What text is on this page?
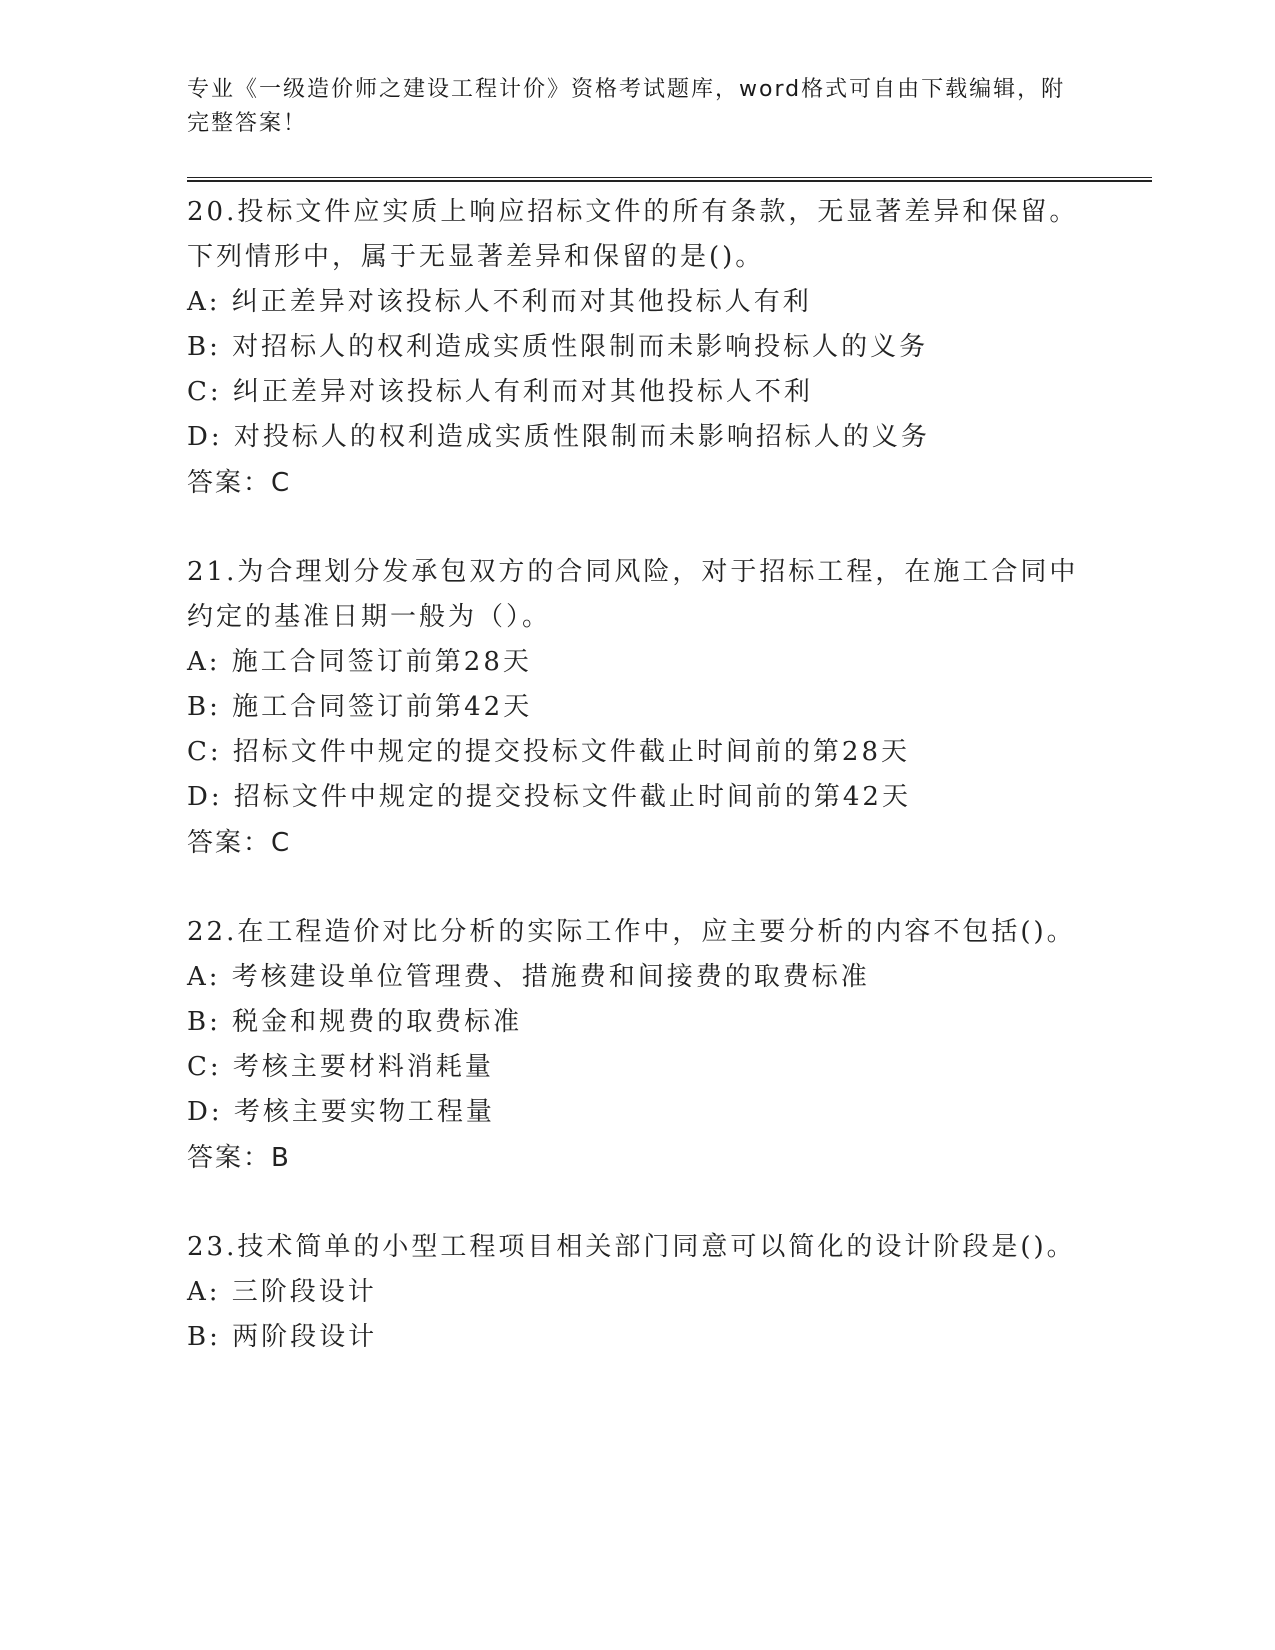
专业《一级造价师之建设工程计价》资格考试题库，word格式可自由下载编辑，附完整答案！
20.投标文件应实质上响应招标文件的所有条款，无显著差异和保留。下列情形中，属于无显著差异和保留的是()。
A: 纠正差异对该投标人不利而对其他投标人有利
B: 对招标人的权利造成实质性限制而未影响投标人的义务
C: 纠正差异对该投标人有利而对其他投标人不利
D: 对投标人的权利造成实质性限制而未影响招标人的义务
答案：C
21.为合理划分发承包双方的合同风险，对于招标工程，在施工合同中约定的基准日期一般为（）。
A: 施工合同签订前第28天
B: 施工合同签订前第42天
C: 招标文件中规定的提交投标文件截止时间前的第28天
D: 招标文件中规定的提交投标文件截止时间前的第42天
答案：C
22.在工程造价对比分析的实际工作中，应主要分析的内容不包括()。
A: 考核建设单位管理费、措施费和间接费的取费标准
B: 税金和规费的取费标准
C: 考核主要材料消耗量
D: 考核主要实物工程量
答案：B
23.技术简单的小型工程项目相关部门同意可以简化的设计阶段是()。
A: 三阶段设计
B: 两阶段设计
